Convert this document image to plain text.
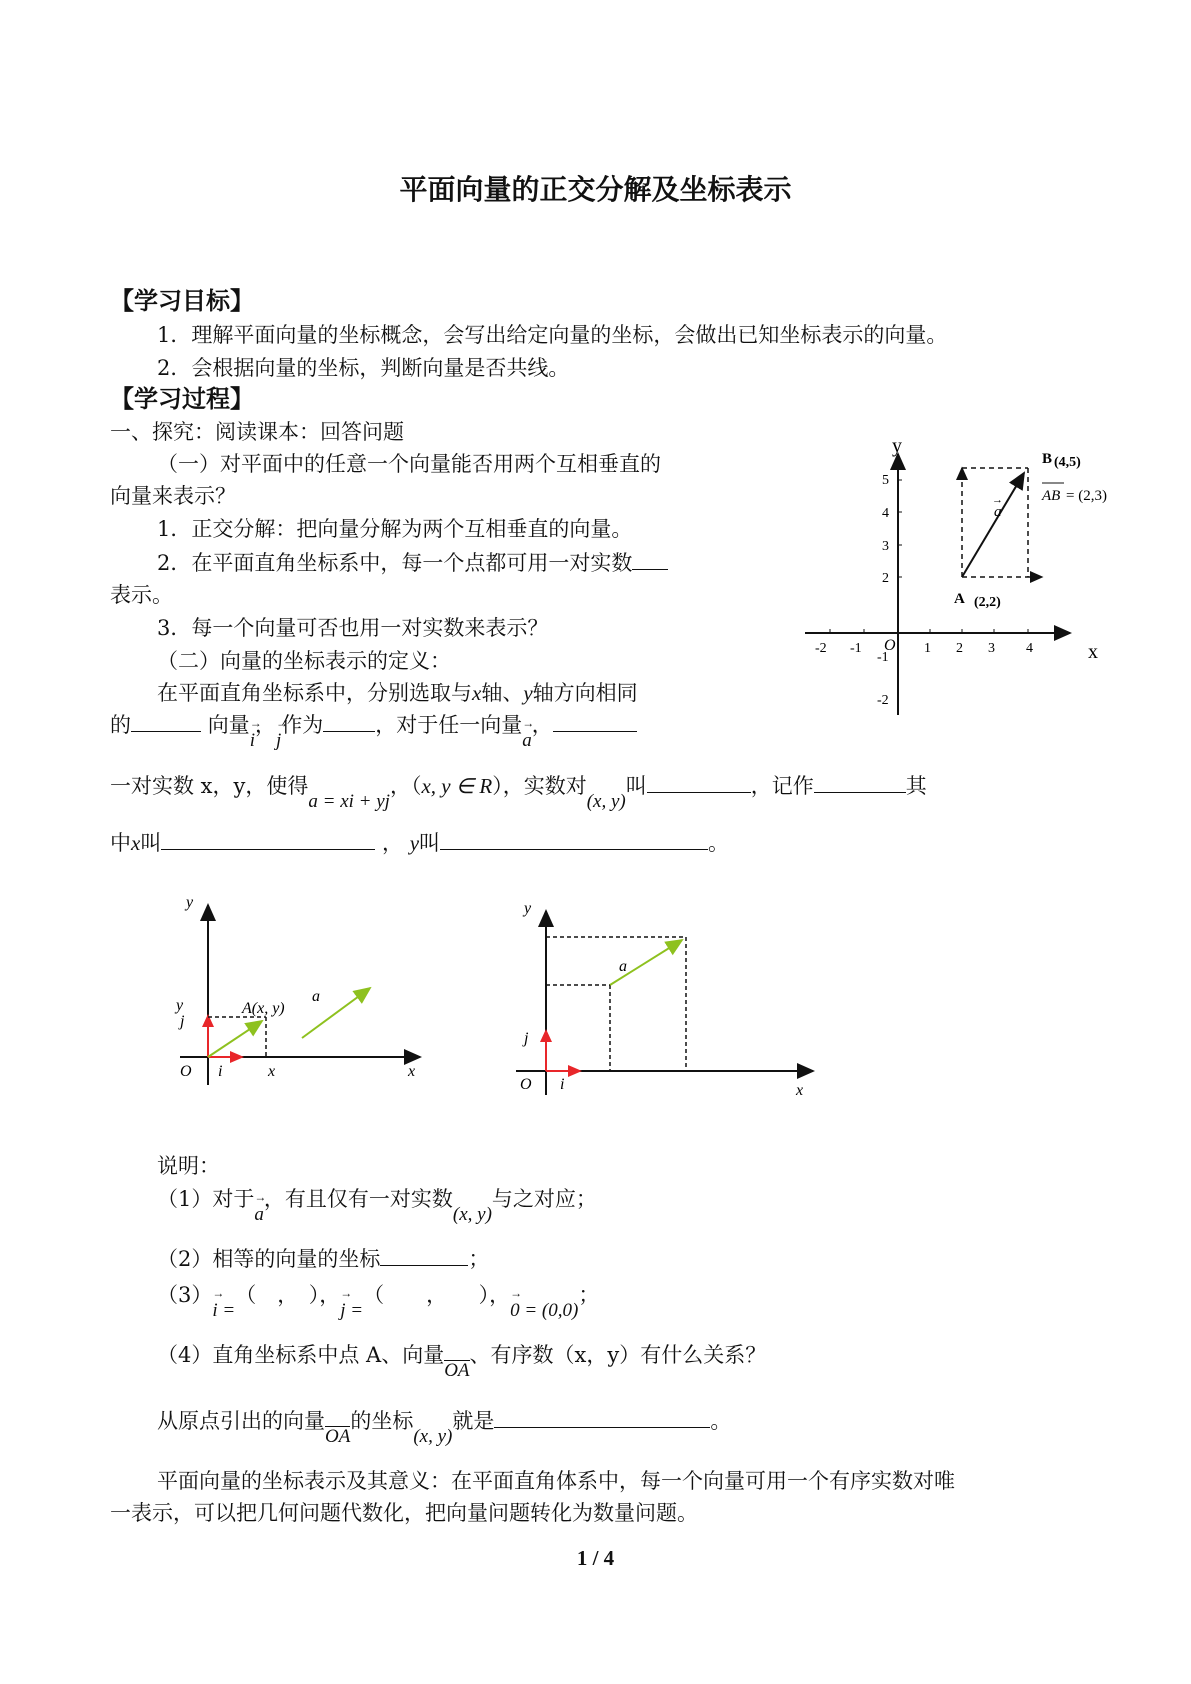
平面向量的正交分解及坐标表示
【学习目标】
1．理解平面向量的坐标概念，会写出给定向量的坐标，会做出已知坐标表示的向量。
2．会根据向量的坐标，判断向量是否共线。
【学习过程】
一、探究：阅读课本：回答问题
（一）对平面中的任意一个向量能否用两个互相垂直的
向量来表示？
1．正交分解：把向量分解为两个互相垂直的向量。
2．在平面直角坐标系中，每一个点都可用一对实数
表示。
3．每一个向量可否也用一对实数来表示？
（二）向量的坐标表示的定义：
在平面直角坐标系中，分别选取与x轴、y轴方向相同
的	向量→ i，→ j作为 ，对于任一向量→ a，
一对实数 x，y，使得a = xi + yj，（x, y ∈ R），实数对(x, y)叫	，记作	其
中x叫	， y叫	。
x
y
O
-2 -1	1 2 3 4
5
4
3
2
-1
-2
a
→
B (4,5)
A (2,2)
AB = (2,3)
y
x
O
j
i
y
x
A(x, y)
a
y
x
O
j
i
a
说明：
（1）对于→ a，有且仅有一对实数(x, y)与之对应；
（2）相等的向量的坐标	；
（3）→ i =（　，　），→ j =（　　，　　），→ 0 = (0,0)；
（4）直角坐标系中点 A、向量OA、有序数（x，y）有什么关系？
从原点引出的向量OA的坐标(x, y)就是	。
平面向量的坐标表示及其意义：在平面直角体系中，每一个向量可用一个有序实数对唯
一表示，可以把几何问题代数化，把向量问题转化为数量问题。
1 / 4
